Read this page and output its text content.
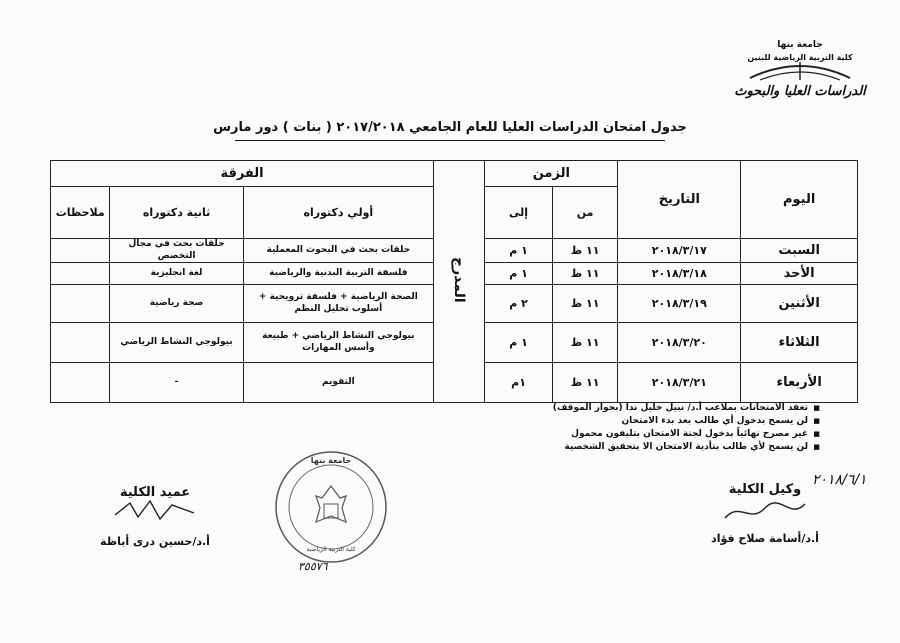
جامعة بنها
كلية التربية الرياضية للبنين
الدراسات العليا والبحوث
جدول امتحان الدراسات العليا للعام الجامعي ٢٠١٧/٢٠١٨ ( بنات ) دور مارس
اليوم	التاريخ	الزمن		المدرج	الفرقة		
		من	إلى		أولي دكتوراه	ثانية دكتوراه	ملاحظات
السبت	٢٠١٨/٣/١٧	١١ ظ	١ م		حلقات بحث في البحوث المعملية	حلقات بحث في مجال التخصص	
الأحد	٢٠١٨/٣/١٨	١١ ظ	١ م		فلسفة التربية البدنية والرياضية	لغة انجليزية	
الأثنين	٢٠١٨/٣/١٩	١١ ظ	٢ م		الصحة الرياضية + فلسفة ترويحية + أسلوب تحليل النظم	صحة رياضية	
الثلاثاء	٢٠١٨/٣/٢٠	١١ ظ	١ م		بيولوجي النشاط الرياضي + طبيعة وأسس المهارات	بيولوجي النشاط الرياضي	
الأربعاء	٢٠١٨/٣/٢١	١١ ظ	١م		التقويم	-	
■ تعقد الامتحانات بملاعب أ.د/ نبيل خليل ندا (بجوار الموقف)
■ لن يسمح بدخول أي طالب بعد بدء الامتحان
■ غير مصرح نهائياً بدخول لجنة الامتحان بتليفون محمول
■ لن يسمح لأي طالب بتأدية الامتحان الا بتحقيق الشخصية
٢٠١٨/٦/١
وكيل الكلية
أ.د/أسامة صلاح فؤاد
جامعة بنها
كلية التربية الرياضية
٣٥٥٧٦
عميد الكلية
أ.د/حسين درى أباظة
